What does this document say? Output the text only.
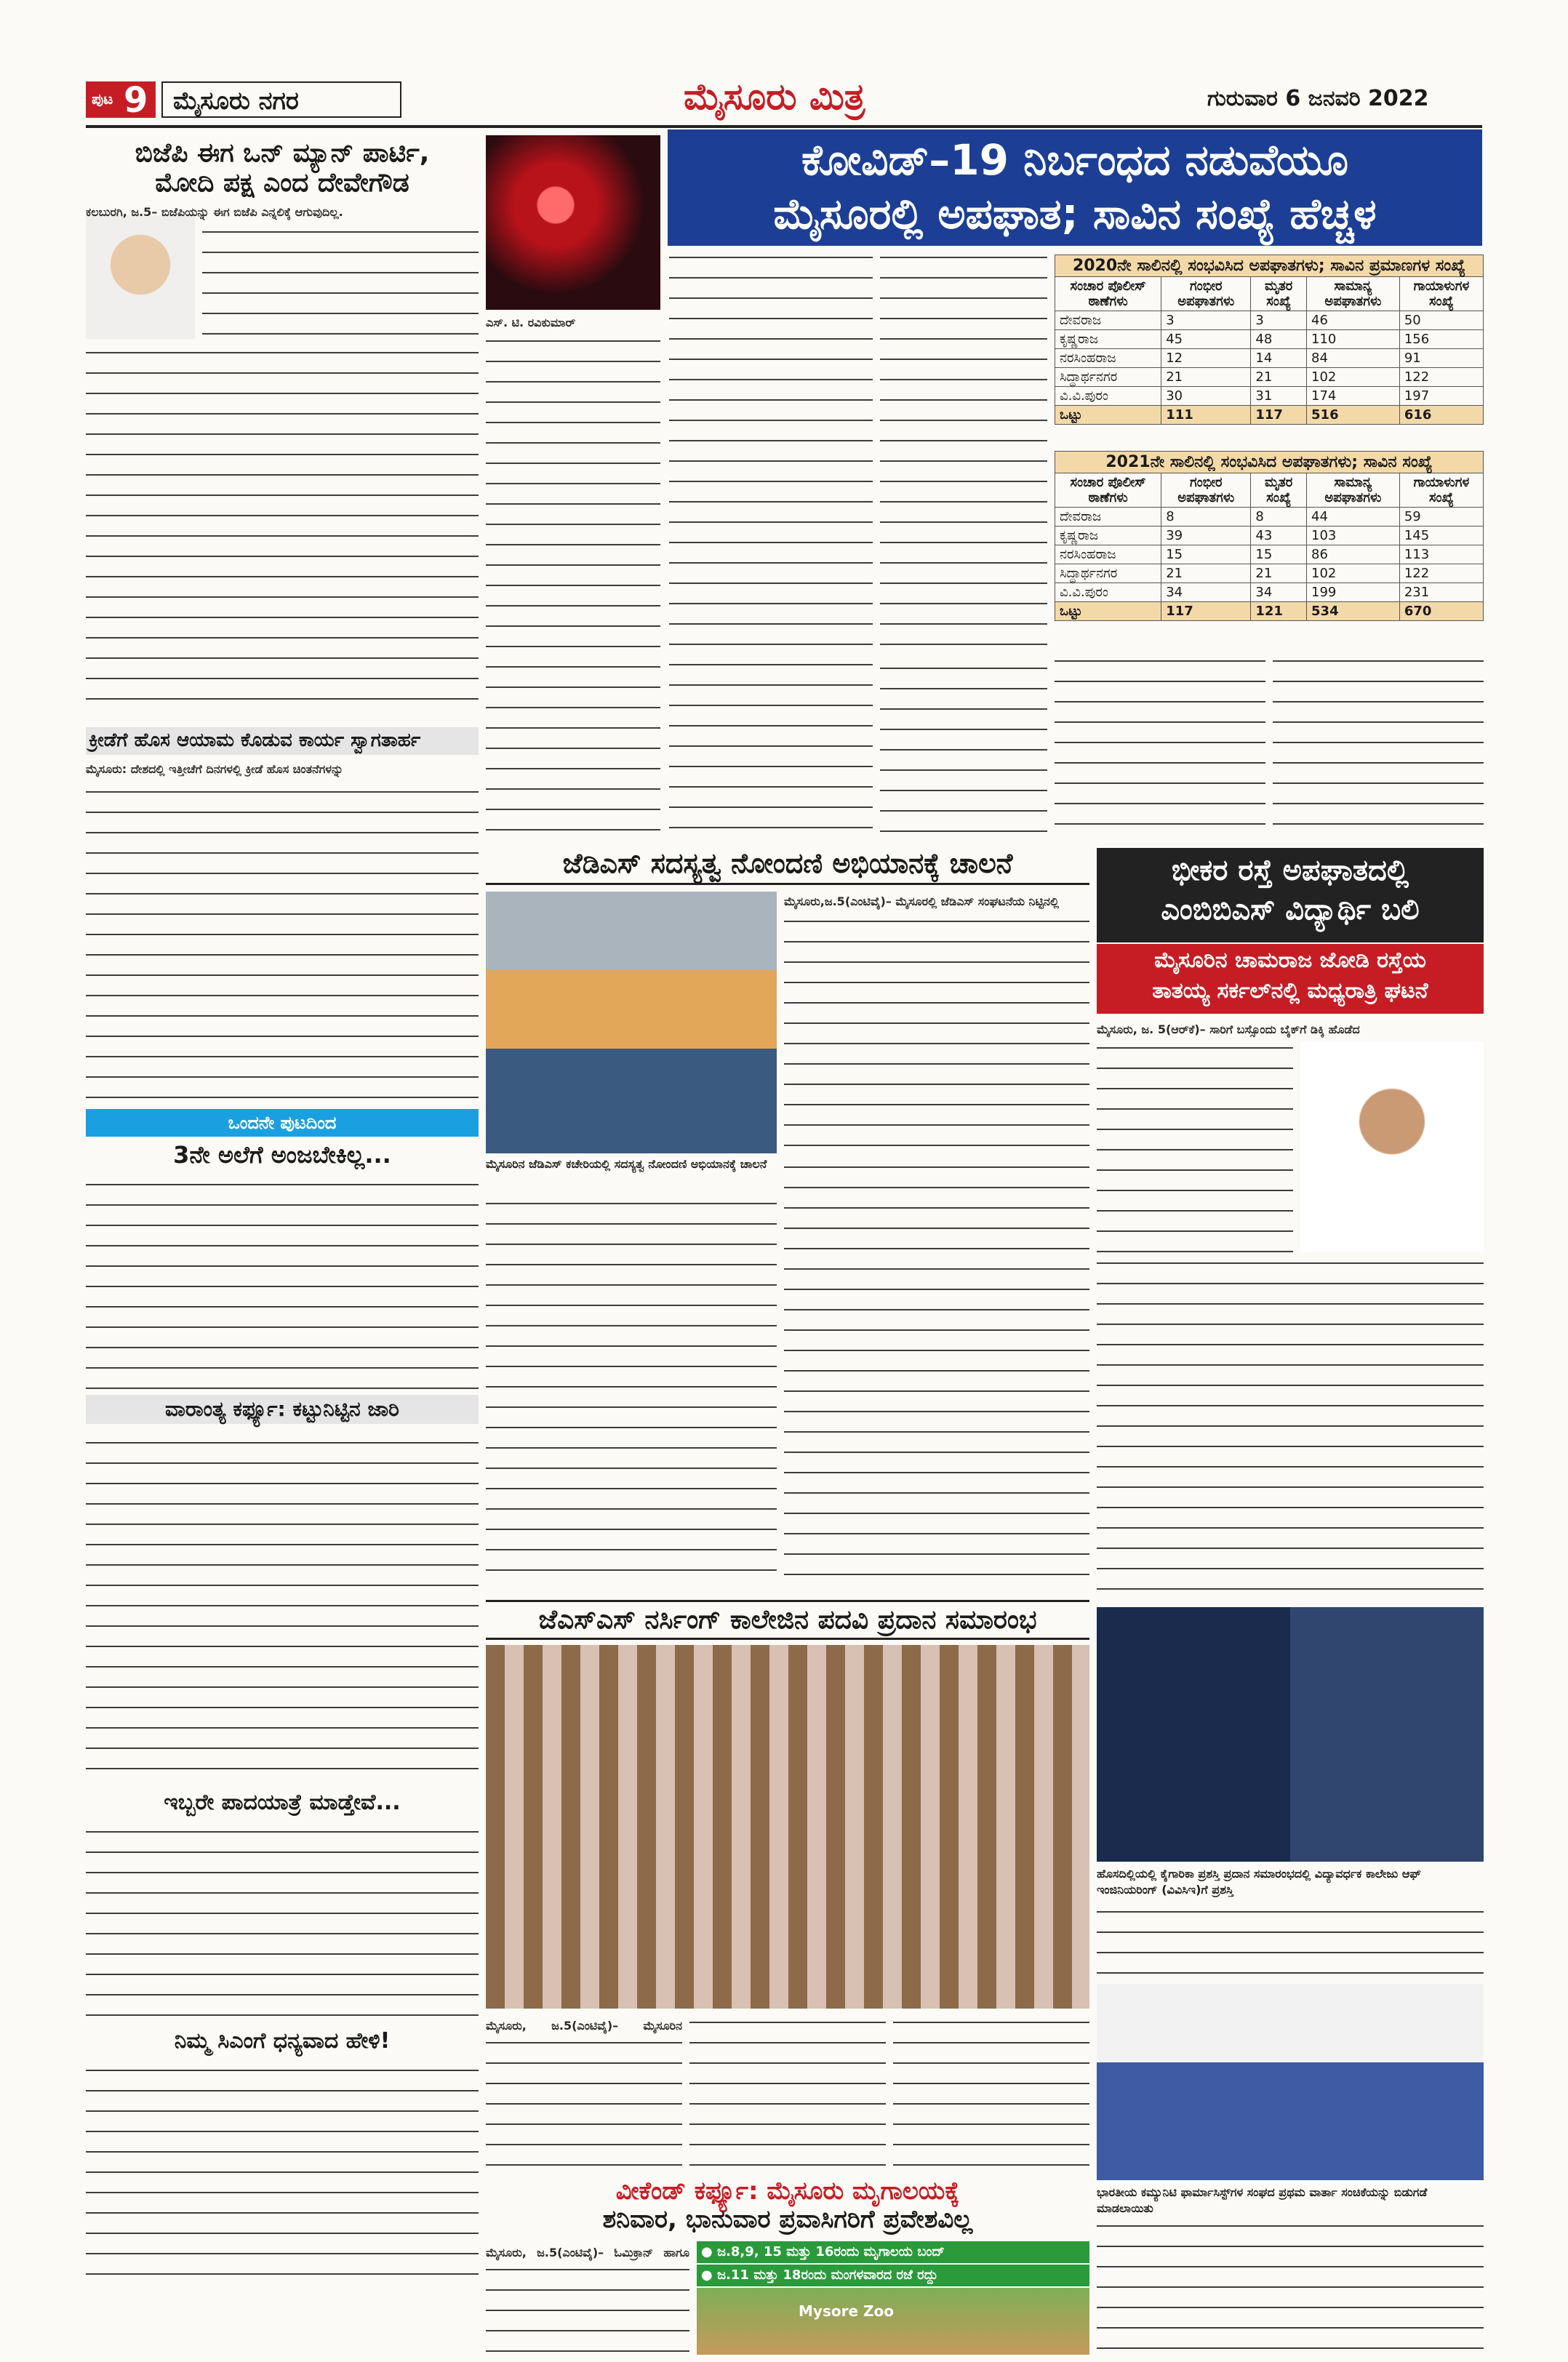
ಪುಟ 9	ಮೈಸೂರು ನಗರ	ಮೈಸೂರು ಮಿತ್ರ	ಗುರುವಾರ 6 ಜನವರಿ 2022
ಬಿಜೆಪಿ ಈಗ ಒನ್ ಮ್ಯಾನ್ ಪಾರ್ಟಿ,
ಮೋದಿ ಪಕ್ಷ ಎಂದ ದೇವೇಗೌಡ
ಕಲಬುರಗಿ, ಜ.5– ಬಿಜೆಪಿಯನ್ನು ಈಗ ಬಿಜೆಪಿ ಎನ್ನಲಿಕ್ಕೆ ಆಗುವುದಿಲ್ಲ.
ಕ್ರೀಡೆಗೆ ಹೊಸ ಆಯಾಮ ಕೊಡುವ ಕಾರ್ಯ ಸ್ವಾಗತಾರ್ಹ
ಮೈಸೂರು: ದೇಶದಲ್ಲಿ ಇತ್ತೀಚೆಗೆ ದಿನಗಳಲ್ಲಿ ಕ್ರೀಡೆ ಹೊಸ ಚಿಂತನೆಗಳನ್ನು
ಒಂದನೇ ಪುಟದಿಂದ
3ನೇ ಅಲೆಗೆ ಅಂಜಬೇಕಿಲ್ಲ...
ವಾರಾಂತ್ಯ ಕರ್ಫ್ಯೂ: ಕಟ್ಟುನಿಟ್ಟಿನ ಜಾರಿ
ಇಬ್ಬರೇ ಪಾದಯಾತ್ರೆ ಮಾಡ್ತೇವೆ...
ನಿಮ್ಮ ಸಿಎಂಗೆ ಧನ್ಯವಾದ ಹೇಳಿ!
ಕೋವಿಡ್–19 ನಿರ್ಬಂಧದ ನಡುವೆಯೂ
ಮೈಸೂರಲ್ಲಿ ಅಪಘಾತ; ಸಾವಿನ ಸಂಖ್ಯೆ ಹೆಚ್ಚಳ
ಎಸ್. ಟಿ. ರವಿಕುಮಾರ್
2020ನೇ ಸಾಲಿನಲ್ಲಿ ಸಂಭವಿಸಿದ ಅಪಘಾತಗಳು; ಸಾವಿನ ಪ್ರಮಾಣಗಳ ಸಂಖ್ಯೆ				
ಸಂಚಾರ ಪೊಲೀಸ್ ಠಾಣೆಗಳು	ಗಂಭೀರ ಅಪಘಾತಗಳು	ಮೃತರ ಸಂಖ್ಯೆ	ಸಾಮಾನ್ಯ ಅಪಘಾತಗಳು	ಗಾಯಾಳುಗಳ ಸಂಖ್ಯೆ
ದೇವರಾಜ	3	3	46	50
ಕೃಷ್ಣರಾಜ	45	48	110	156
ನರಸಿಂಹರಾಜ	12	14	84	91
ಸಿದ್ಧಾರ್ಥನಗರ	21	21	102	122
ವಿ.ವಿ.ಪುರಂ	30	31	174	197
ಒಟ್ಟು	111	117	516	616
2021ನೇ ಸಾಲಿನಲ್ಲಿ ಸಂಭವಿಸಿದ ಅಪಘಾತಗಳು; ಸಾವಿನ ಸಂಖ್ಯೆ				
ಸಂಚಾರ ಪೊಲೀಸ್ ಠಾಣೆಗಳು	ಗಂಭೀರ ಅಪಘಾತಗಳು	ಮೃತರ ಸಂಖ್ಯೆ	ಸಾಮಾನ್ಯ ಅಪಘಾತಗಳು	ಗಾಯಾಳುಗಳ ಸಂಖ್ಯೆ
ದೇವರಾಜ	8	8	44	59
ಕೃಷ್ಣರಾಜ	39	43	103	145
ನರಸಿಂಹರಾಜ	15	15	86	113
ಸಿದ್ಧಾರ್ಥನಗರ	21	21	102	122
ವಿ.ವಿ.ಪುರಂ	34	34	199	231
ಒಟ್ಟು	117	121	534	670
ಜೆಡಿಎಸ್ ಸದಸ್ಯತ್ವ ನೋಂದಣಿ ಅಭಿಯಾನಕ್ಕೆ ಚಾಲನೆ
ಮೈಸೂರಿನ ಜೆಡಿಎಸ್ ಕಚೇರಿಯಲ್ಲಿ ಸದಸ್ಯತ್ವ ನೋಂದಣಿ ಅಭಿಯಾನಕ್ಕೆ ಚಾಲನೆ
ಮೈಸೂರು,ಜ.5(ಎಂಟಿವೈ)– ಮೈಸೂರಲ್ಲಿ ಜೆಡಿಎಸ್ ಸಂಘಟನೆಯ ನಿಟ್ಟಿನಲ್ಲಿ
ಜೆಎಸ್‌ಎಸ್ ನರ್ಸಿಂಗ್ ಕಾಲೇಜಿನ ಪದವಿ ಪ್ರದಾನ ಸಮಾರಂಭ
ಮೈಸೂರು, ಜ.5(ಎಂಟಿವೈ)– ಮೈಸೂರಿನ
ವೀಕೆಂಡ್ ಕರ್ಫ್ಯೂ: ಮೈಸೂರು ಮೃಗಾಲಯಕ್ಕೆ
ಶನಿವಾರ, ಭಾನುವಾರ ಪ್ರವಾಸಿಗರಿಗೆ ಪ್ರವೇಶವಿಲ್ಲ
ಮೈಸೂರು, ಜ.5(ಎಂಟಿವೈ)– ಓಮಿಕ್ರಾನ್ ಹಾಗೂ ● ಜ.8,9, 15 ಮತ್ತು 16ರಂದು ಮೃಗಾಲಯ ಬಂದ್
● ಜ.11 ಮತ್ತು 18ರಂದು ಮಂಗಳವಾರದ ರಜೆ ರದ್ದು
Mysore Zoo
ಭೀಕರ ರಸ್ತೆ ಅಪಘಾತದಲ್ಲಿ
ಎಂಬಿಬಿಎಸ್ ವಿದ್ಯಾರ್ಥಿ ಬಲಿ
ಮೈಸೂರಿನ ಚಾಮರಾಜ ಜೋಡಿ ರಸ್ತೆಯ
ತಾತಯ್ಯ ಸರ್ಕಲ್‌ನಲ್ಲಿ ಮಧ್ಯರಾತ್ರಿ ಘಟನೆ
ಮೈಸೂರು, ಜ. 5(ಆರ್‌ಕೆ)– ಸಾರಿಗೆ ಬಸ್ಸೊಂದು ಬೈಕ್‌ಗೆ ಡಿಕ್ಕಿ ಹೊಡೆದ
ಹೊಸದಿಲ್ಲಿಯಲ್ಲಿ ಕೈಗಾರಿಕಾ ಪ್ರಶಸ್ತಿ ಪ್ರದಾನ ಸಮಾರಂಭದಲ್ಲಿ ವಿದ್ಯಾವರ್ಧಕ ಕಾಲೇಜು ಆಫ್ ಇಂಜಿನಿಯರಿಂಗ್ (ವಿವಿಸಿಇ)ಗೆ ಪ್ರಶಸ್ತಿ
ಭಾರತೀಯ ಕಮ್ಯುನಿಟಿ ಫಾರ್ಮಾಸಿಸ್ಟ್‌ಗಳ ಸಂಘದ ಪ್ರಥಮ ವಾರ್ತಾ ಸಂಚಿಕೆಯನ್ನು ಬಿಡುಗಡೆ ಮಾಡಲಾಯಿತು
